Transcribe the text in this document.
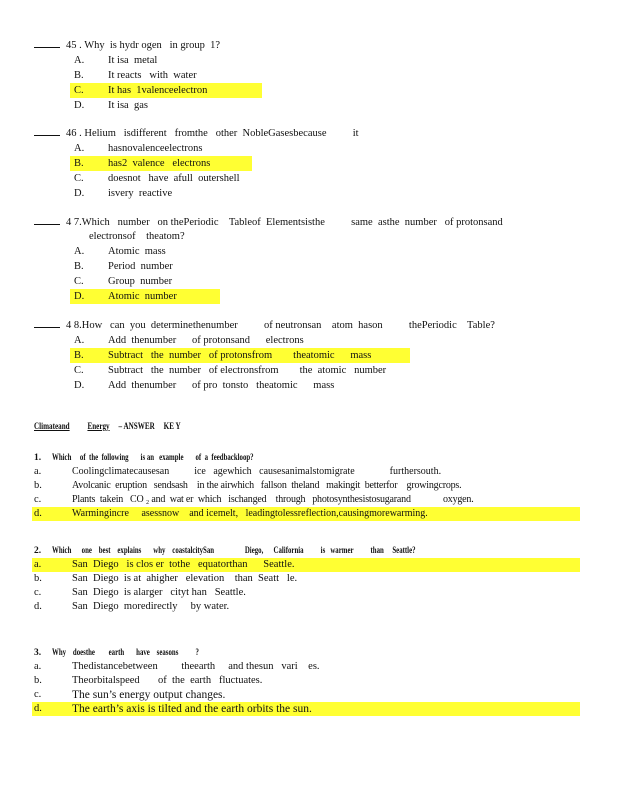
45 . Why  is hydr ogen   in group  1?
A. It isa  metal
B. It reacts   with  water
C. It has  1valenceelectron
D. It isa  gas
46 . Helium   isdifferent   fromthe   other  NobleGasesbecause          it
A. hasnovalenceelectrons
B. has2  valence   electrons
C. doesnot   have  afull  outershell
D. isvery  reactive
4 7.Which   number   on thePeriodic    Tableof  Elementsisthe          same  asthe  number   of protonsand
electronsof    theatom?
A. Atomic  mass
B. Period  number
C. Group  number
D. Atomic  number
4 8.How   can  you  determinethenumber          of neutronsan    atom  hason          thePeriodic    Table?
A. Add  thenumber      of protonsand      electrons
B. Subtract   the  number   of protonsfrom        theatomic      mass
C. Subtract   the  number   of electronsfrom        the  atomic   number
D. Add  thenumber      of pro  tonsto   theatomic      mass
Climateand Energy – ANSWER     KE Y
1. Which     of  the  following       is an   example       of  a  feedbackloop?
a.	Coolingclimatecausesan          ice   agewhich   causesanimalstomigrate              furthersouth.
b.	Avolcanic  eruption   sendsash    in the airwhich   fallson  theland   makingit  betterfor    growingcrops.
c.	Plants  takein   CO ₂ and  wat er  which   ischanged    through   photosynthesistosugarand              oxygen.
d.	Warmingincre     asessnow    and icemelt,   leadingtolessreflection,causingmorewarming.
2. Which      one    best    explains       why    coastalcitySan                  Diego,      California          is   warmer          than     Seattle?
a.	San  Diego   is clos er  tothe   equatorthan      Seattle.
b.	San  Diego  is at  ahigher   elevation    than  Seatt   le.
c.	San  Diego  is alarger   cityt han   Seattle.
d.	San  Diego  moredirectly     by water.
3. Why    doesthe        earth       have    seasons          ?
a.	Thedistancebetween         theearth     and thesun   vari    es.
b.	Theorbitalspeed       of  the  earth   fluctuates.
c.	The sun’s energy output changes.
d.	The earth’s axis is tilted and the earth orbits the sun.
